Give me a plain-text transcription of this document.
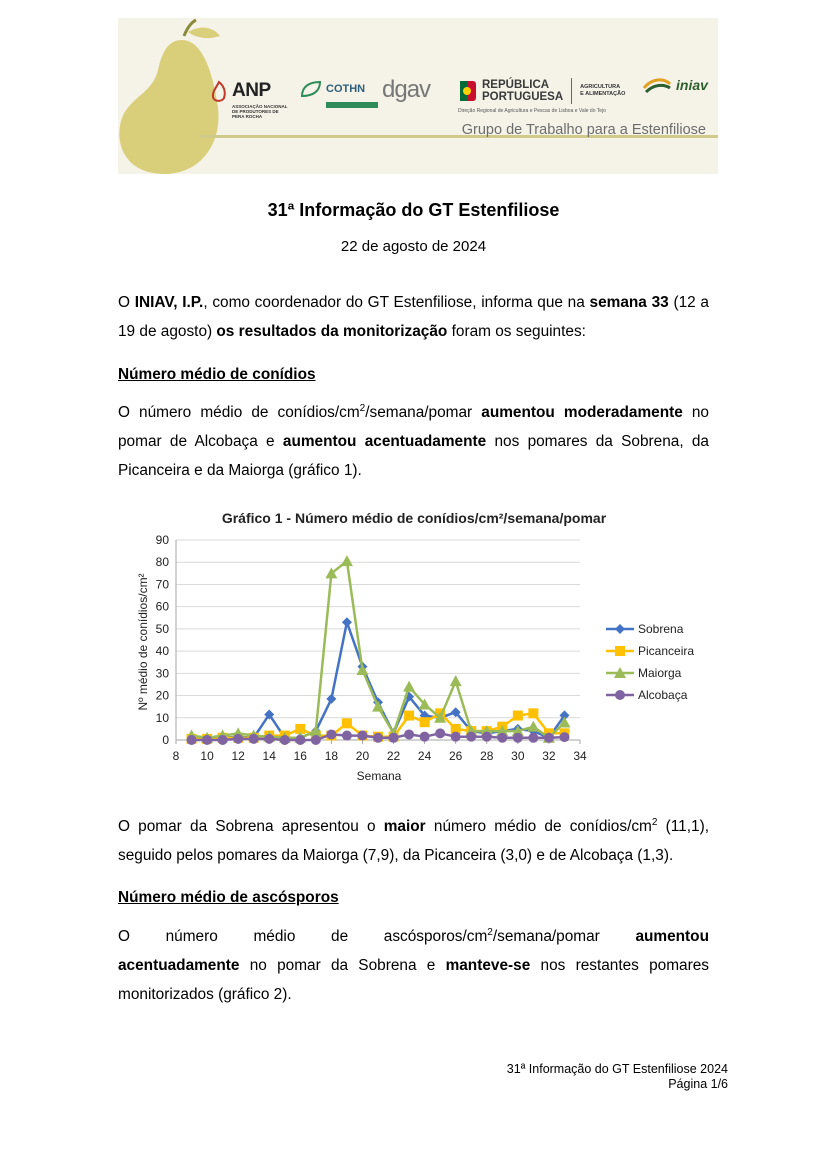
ANP
ASSOCIAÇÃO NACIONAL DE PRODUTORES DE PERA ROCHA
COTHN dgav	REPÚBLICA
PORTUGUESA
AGRICULTURA
E ALIMENTAÇÃO
Direção Regional de Agricultura e Pescas de Lisboa e Vale do Tejo
iniav
Grupo de Trabalho para a Estenfiliose
31ª Informação do GT Estenfiliose
22 de agosto de 2024
O INIAV, I.P., como coordenador do GT Estenfiliose, informa que na semana 33 (12 a 19 de agosto) os resultados da monitorização foram os seguintes:
Número médio de conídios
O número médio de conídios/$cm^2/semana$/pomar aumentou moderadamente no pomar de Alcobaça e aumentou acentuadamente nos pomares da Sobrena, da Picanceira e da Maiorga (gráfico 1).
Gráfico 1 - Número médio de conídios/cm²/semana/pomar
Semana
Nº médio de conídios/cm²
0
10
20
30
40
50
60
70
80
90
8 10 12 14 16 18 20 22 24 26 28 30 32 34
Sobrena
Picanceira
Maiorga
Alcobaça
O pomar da Sobrena apresentou o maior número médio de conídios/$cm^2$ (11,1), seguido pelos pomares da Maiorga (7,9), da Picanceira (3,0) e de Alcobaça (1,3).
Número médio de ascósporos
O número médio de ascósporos/$cm^2/semana$/pomar aumentou
acentuadamente no pomar da Sobrena e manteve-se nos restantes pomares
monitorizados (gráfico 2).
31ª Informação do GT Estenfiliose 2024
Página 1/6
